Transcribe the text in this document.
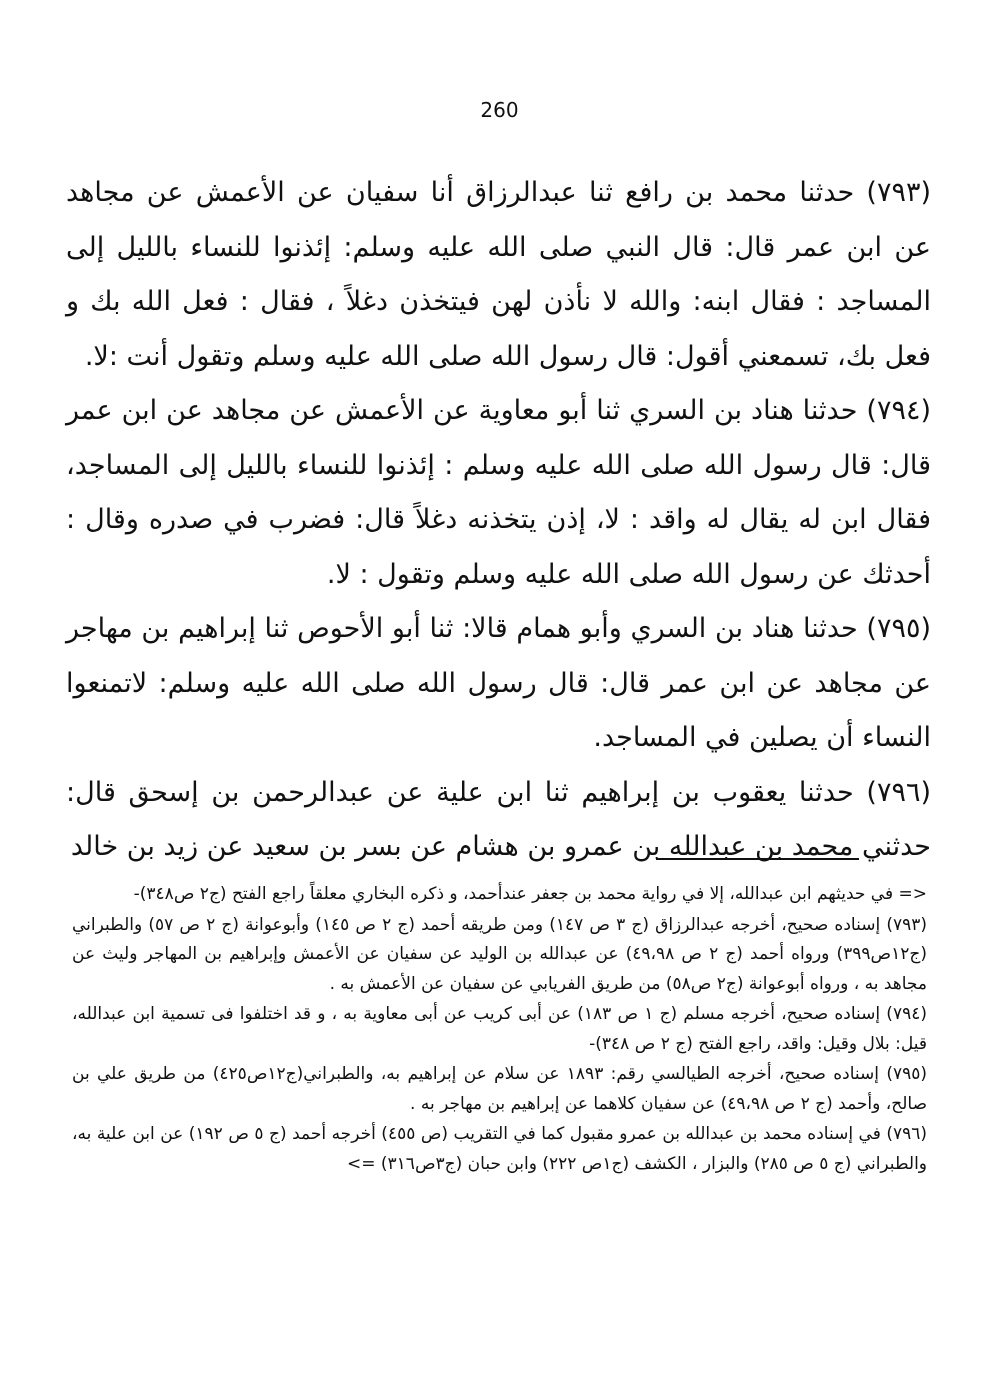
260

(٧٩٣) حدثنا محمد بن رافع ثنا عبدالرزاق أنا سفيان عن الأعمش عن مجاهد عن ابن عمر قال: قال النبي صلى الله عليه وسلم: إئذنوا للنساء بالليل إلى المساجد : فقال ابنه: والله لا نأذن لهن فيتخذن دغلاً ، فقال : فعل الله بك و فعل بك، تسمعني أقول: قال رسول الله صلى الله عليه وسلم وتقول أنت :لا.

(٧٩٤) حدثنا هناد بن السري ثنا أبو معاوية عن الأعمش عن مجاهد عن ابن عمر قال: قال رسول الله صلى الله عليه وسلم : إئذنوا للنساء بالليل إلى المساجد، فقال ابن له يقال له واقد : لا، إذن يتخذنه دغلاً قال: فضرب في صدره وقال : أحدثك عن رسول الله صلى الله عليه وسلم وتقول : لا.

(٧٩٥) حدثنا هناد بن السري وأبو همام قالا: ثنا أبو الأحوص ثنا إبراهيم بن مهاجر عن مجاهد عن ابن عمر قال: قال رسول الله صلى الله عليه وسلم: لاتمنعوا النساء أن يصلين في المساجد.

(٧٩٦) حدثنا يعقوب بن إبراهيم ثنا ابن علية عن عبدالرحمن بن إسحق قال: حدثني محمد بن عبدالله بن عمرو بن هشام عن بسر بن سعيد عن زيد بن خالد

<= في حديثهم ابن عبدالله، إلا في رواية محمد بن جعفر عندأحمد، و ذكره البخاري معلقاً راجع الفتح (ج٢ ص٣٤٨)-

(٧٩٣) إسناده صحيح، أخرجه عبدالرزاق (ج ٣ ص ١٤٧) ومن طريقه أحمد (ج ٢ ص ١٤٥) وأبوعوانة (ج ٢ ص ٥٧) والطبراني (ج١٢ص٣٩٩) ورواه أحمد (ج ٢ ص ٤٩،٩٨) عن عبدالله بن الوليد عن سفيان عن الأعمش وإبراهيم بن المهاجر وليث عن مجاهد به ، ورواه أبوعوانة (ج٢ ص٥٨) من طريق الفريابي عن سفيان عن الأعمش به .

(٧٩٤) إسناده صحيح، أخرجه مسلم (ج ١ ص ١٨٣) عن أبى كريب عن أبى معاوية به ، و قد اختلفوا فى تسمية ابن عبدالله، قيل: بلال وقيل: واقد، راجع الفتح (ج ٢ ص ٣٤٨)-

(٧٩٥) إسناده صحيح، أخرجه الطيالسي رقم: ١٨٩٣ عن سلام عن إبراهيم به، والطبراني(ج١٢ص٤٢٥) من طريق علي بن صالح، وأحمد (ج ٢ ص ٤٩،٩٨) عن سفيان كلاهما عن إبراهيم بن مهاجر به .

(٧٩٦) في إسناده محمد بن عبدالله بن عمرو مقبول كما في التقريب (ص ٤٥٥) أخرجه أحمد (ج ٥ ص ١٩٢) عن ابن علية به، والطبراني (ج ٥ ص ٢٨٥) والبزار ، الكشف (ج١ص ٢٢٢) وابن حبان (ج٣ص٣١٦) =>
